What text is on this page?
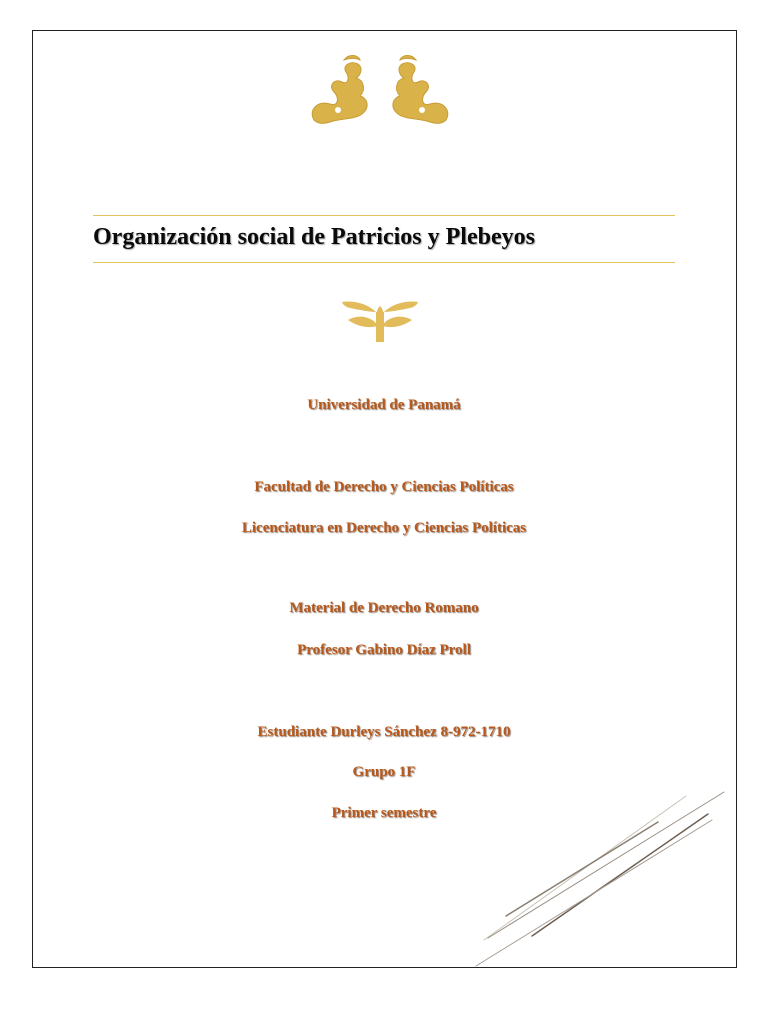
Organización social de Patricios y Plebeyos
Universidad de Panamá
Facultad de Derecho y Ciencias Políticas
Licenciatura en Derecho y Ciencias Políticas
Material de Derecho Romano
Profesor Gabino Díaz Proll
Estudiante Durleys Sánchez 8-972-1710
Grupo 1F
Primer semestre
